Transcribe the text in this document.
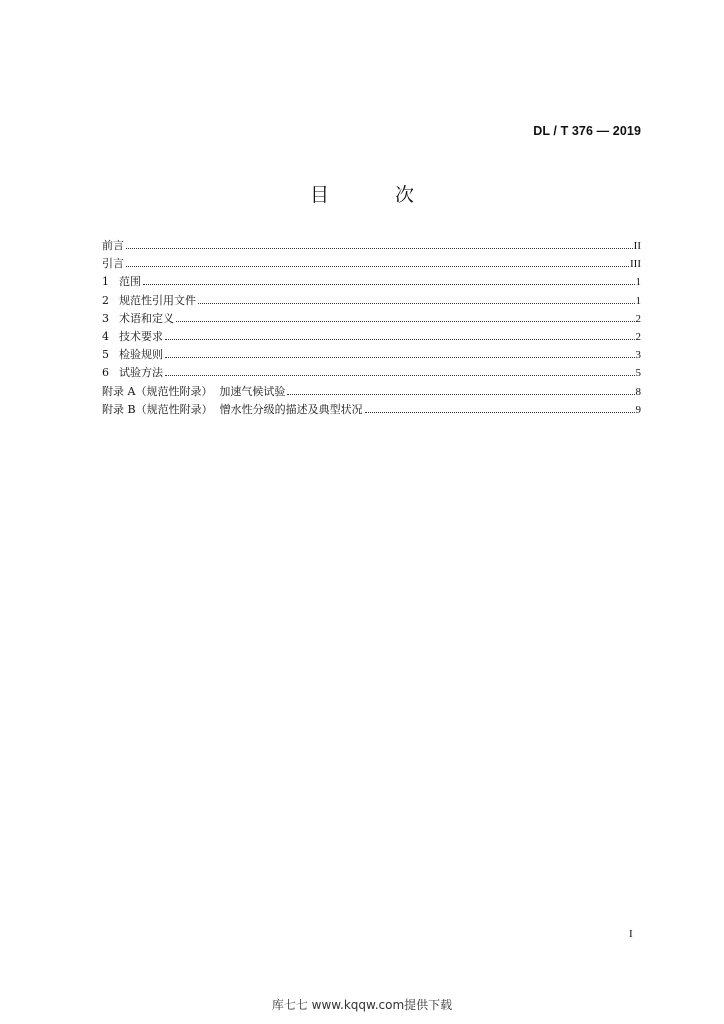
DL / T 376 — 2019
目 次
前言	II
引言	III
1 范围	1
2 规范性引用文件	1
3 术语和定义	2
4 技术要求	2
5 检验规则	3
6 试验方法	5
附录 A（规范性附录）  加速气候试验	8
附录 B（规范性附录）  憎水性分级的描述及典型状况	9
I
库七七 www.kqqw.com提供下载
